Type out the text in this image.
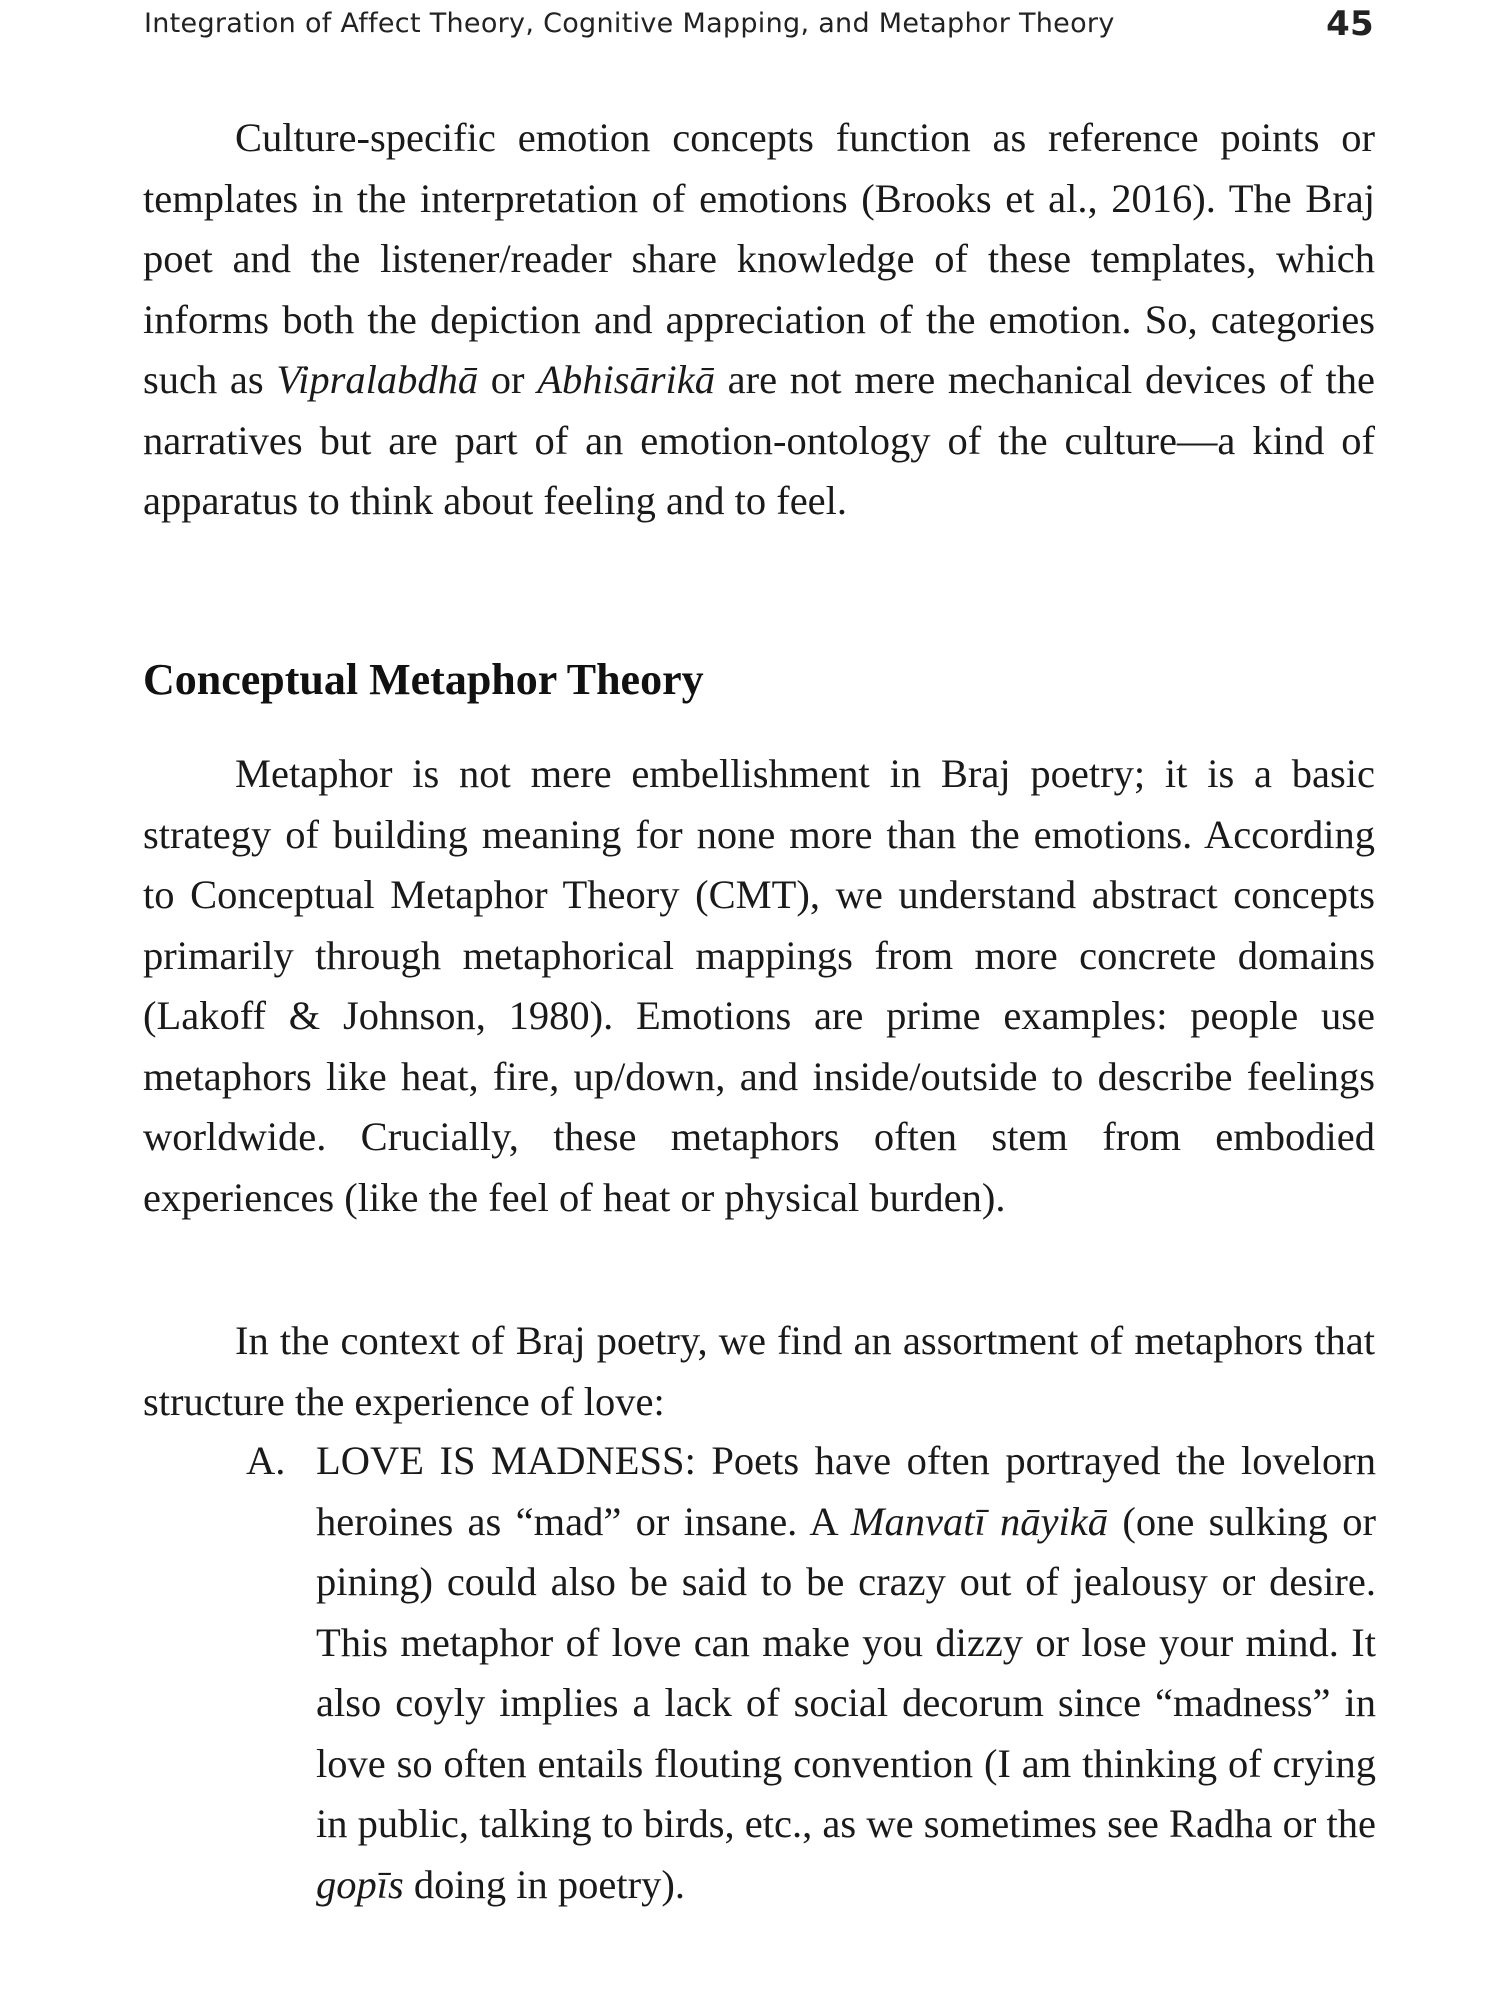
Integration of Affect Theory, Cognitive Mapping, and Metaphor Theory	45

Culture-specific emotion concepts function as reference points or templates in the interpretation of emotions (Brooks et al., 2016). The Braj poet and the listener/reader share knowledge of these templates, which informs both the depiction and appreciation of the emotion. So, categories such as Vipralabdhā or Abhisārikā are not mere mechanical devices of the narratives but are part of an emotion-ontology of the culture—a kind of apparatus to think about feeling and to feel.

Conceptual Metaphor Theory

Metaphor is not mere embellishment in Braj poetry; it is a basic strategy of building meaning for none more than the emotions. According to Conceptual Metaphor Theory (CMT), we understand abstract concepts primarily through metaphorical mappings from more concrete domains (Lakoff & Johnson, 1980). Emotions are prime examples: people use metaphors like heat, fire, up/down, and inside/outside to describe feelings worldwide. Crucially, these metaphors often stem from embodied experiences (like the feel of heat or physical burden).

In the context of Braj poetry, we find an assortment of metaphors that structure the experience of love:

A. LOVE IS MADNESS: Poets have often portrayed the lovelorn heroines as “mad” or insane. A Manvatī nāyikā (one sulking or pining) could also be said to be crazy out of jealousy or desire. This metaphor of love can make you dizzy or lose your mind. It also coyly implies a lack of social decorum since “madness” in love so often entails flouting convention (I am thinking of crying in public, talking to birds, etc., as we sometimes see Radha or the gopīs doing in poetry).
